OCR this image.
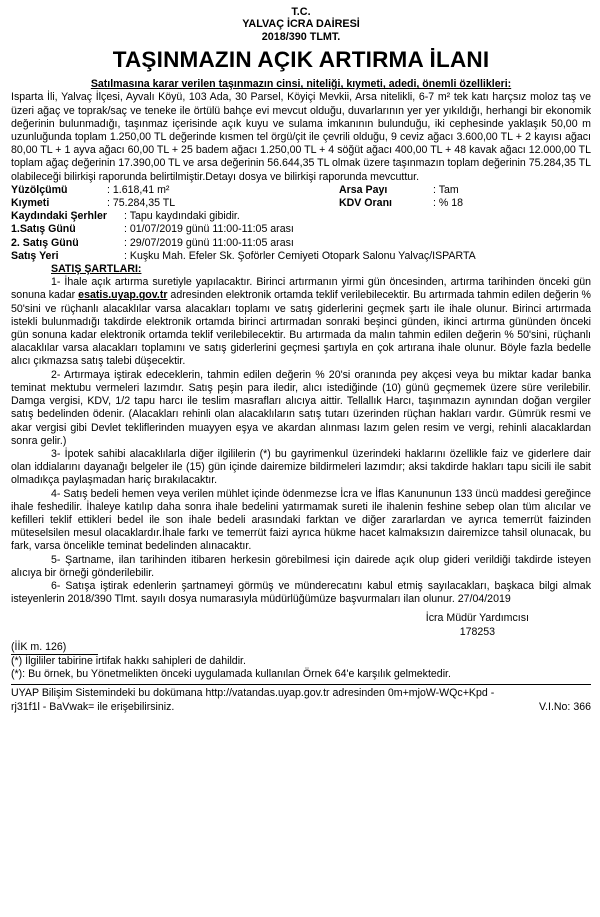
T.C.
YALVAÇ İCRA DAİRESİ
2018/390 TLMT.
TAŞINMAZIN AÇIK ARTIRMA İLANI

Satılmasına karar verilen taşınmazın cinsi, niteliği, kıymeti, adedi, önemli özellikleri:

Isparta İli, Yalvaç İlçesi, Ayvalı Köyü, 103 Ada, 30 Parsel, Köyiçi Mevkii, Arsa nitelikli, 6-7 m² tek katı harçsız moloz taş ve üzeri ağaç ve toprak/saç ve teneke ile örtülü bahçe evi mevcut olduğu, duvarlarının yer yer yıkıldığı, herhangi bir ekonomik değerinin bulunmadığı, taşınmaz içerisinde açık kuyu ve sulama imkanının bulunduğu, iki cephesinde yaklaşık 50,00 m uzunluğunda toplam 1.250,00 TL değerinde kısmen tel örgü/çit ile çevrili olduğu, 9 ceviz ağacı 3.600,00 TL + 2 kayısı ağacı 80,00 TL + 1 ayva ağacı 60,00 TL + 25 badem ağacı 1.250,00 TL + 4 söğüt ağacı 400,00 TL + 48 kavak ağacı 12.000,00 TL toplam ağaç değerinin 17.390,00 TL ve arsa değerinin 56.644,35 TL olmak üzere taşınmazın toplam değerinin 75.284,35 TL olabileceği bilirkişi raporunda belirtilmiştir.Detayı dosya ve bilirkişi raporunda mevcuttur.

Yüzölçümü	: 1.618,41 m²	Arsa Payı	: Tam
Kıymeti	: 75.284,35 TL	KDV Oranı	: % 18
Kaydındaki Şerhler	: Tapu kaydındaki gibidir.
1.Satış Günü	: 01/07/2019 günü 11:00-11:05 arası
2. Satış Günü	: 29/07/2019 günü 11:00-11:05 arası
Satış Yeri	: Kuşku Mah. Efeler Sk. Şoförler Cemiyeti Otopark Salonu Yalvaç/ISPARTA
SATIŞ ŞARTLARI:

1- İhale açık artırma suretiyle yapılacaktır. Birinci artırmanın yirmi gün öncesinden, artırma tarihinden önceki gün sonuna kadar esatis.uyap.gov.tr adresinden elektronik ortamda teklif verilebilecektir. Bu artırmada tahmin edilen değerin % 50'sini ve rüçhanlı alacaklılar varsa alacakları toplamı ve satış giderlerini geçmek şartı ile ihale olunur. Birinci artırmada istekli bulunmadığı takdirde elektronik ortamda birinci artırmadan sonraki beşinci günden, ikinci artırma gününden önceki gün sonuna kadar elektronik ortamda teklif verilebilecektir. Bu artırmada da malın tahmin edilen değerin % 50'sini, rüçhanlı alacaklılar varsa alacakları toplamını ve satış giderlerini geçmesi şartıyla en çok artırana ihale olunur. Böyle fazla bedelle alıcı çıkmazsa satış talebi düşecektir.

2- Artırmaya iştirak edeceklerin, tahmin edilen değerin % 20'si oranında pey akçesi veya bu miktar kadar banka teminat mektubu vermeleri lazımdır. Satış peşin para iledir, alıcı istediğinde (10) günü geçmemek üzere süre verilebilir. Damga vergisi, KDV, 1/2 tapu harcı ile teslim masrafları alıcıya aittir. Tellallık Harcı, taşınmazın aynından doğan vergiler satış bedelinden ödenir. (Alacakları rehinli olan alacaklıların satış tutarı üzerinden rüçhan hakları vardır. Gümrük resmi ve akar vergisi gibi Devlet tekliflerinden muayyen eşya ve akardan alınması lazım gelen resim ve vergi, rehinli alacaklardan sonra gelir.)

3- İpotek sahibi alacaklılarla diğer ilgililerin (*) bu gayrimenkul üzerindeki haklarını özellikle faiz ve giderlere dair olan iddialarını dayanağı belgeler ile (15) gün içinde dairemize bildirmeleri lazımdır; aksi takdirde hakları tapu sicili ile sabit olmadıkça paylaşmadan hariç bırakılacaktır.

4- Satış bedeli hemen veya verilen mühlet içinde ödenmezse İcra ve İflas Kanununun 133 üncü maddesi gereğince ihale feshedilir. İhaleye katılıp daha sonra ihale bedelini yatırmamak sureti ile ihalenin feshine sebep olan tüm alıcılar ve kefilleri teklif ettikleri bedel ile son ihale bedeli arasındaki farktan ve diğer zararlardan ve ayrıca temerrüt faizinden müteselsilen mesul olacaklardır.İhale farkı ve temerrüt faizi ayrıca hükme hacet kalmaksızın dairemizce tahsil olunacak, bu fark, varsa öncelikle teminat bedelinden alınacaktır.

5- Şartname, ilan tarihinden itibaren herkesin görebilmesi için dairede açık olup gideri verildiği takdirde isteyen alıcıya bir örneği gönderilebilir.

6- Satışa iştirak edenlerin şartnameyi görmüş ve münderecatını kabul etmiş sayılacakları, başkaca bilgi almak isteyenlerin 2018/390 Tlmt. sayılı dosya numarasıyla müdürlüğümüze başvurmaları ilan olunur. 27/04/2019

İcra Müdür Yardımcısı
178253
(İİK m. 126)

(*) İlgililer tabirine irtifak hakkı sahipleri de dahildir.

(*): Bu örnek, bu Yönetmelikten önceki uygulamada kullanılan Örnek 64'e karşılık gelmektedir.

UYAP Bilişim Sistemindeki bu dokümana http://vatandas.uyap.gov.tr adresinden 0m+mjoW-WQc+Kpd - rj31f1l - BaVwak= ile erişebilirsiniz.	V.I.No: 366
